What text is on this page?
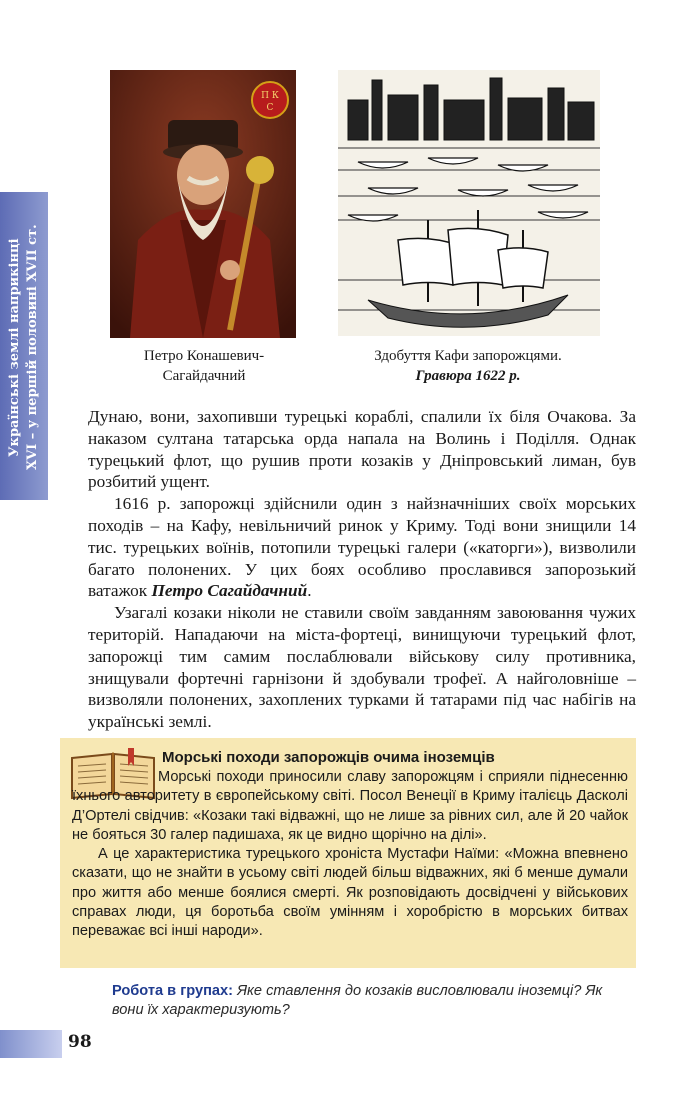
Українські землі наприкінці XVI – у першій половині XVII ст.
П К
С
Петро Конашевич-
Сагайдачний
Здобуття Кафи запорожцями.
Гравюра 1622 р.

Дунаю, вони, захопивши турецькі кораблі, спалили їх біля Очакова. За наказом султана татарська орда напала на Волинь і Поділля. Однак турецький флот, що рушив проти козаків у Дніпровський лиман, був розбитий ущент.

1616 р. запорожці здійснили один з найзначніших своїх морських походів – на Кафу, невільничий ринок у Криму. Тоді вони знищили 14 тис. турецьких воїнів, потопили турецькі галери («каторги»), визволили багато полонених. У цих боях особливо прославився запорозький ватажок Петро Сагайдачний.

Узагалі козаки ніколи не ставили своїм завданням завоювання чужих територій. Нападаючи на міста-фортеці, винищуючи турецький флот, запорожці тим самим послаблювали військову силу противника, знищували фортечні гарнізони й здобували трофеї. А найголовніше – визволяли полонених, захоплених турками й татарами під час набігів на українські землі.

Морські походи запорожців очима іноземців

Морські походи приносили славу запорожцям і сприяли піднесенню їхнього авторитету в європейському світі. Посол Венеції в Криму італієць Дасколі Д’Ортелі свідчив: «Козаки такі відважні, що не лише за рівних сил, але й 20 чайок не бояться 30 галер падишаха, як це видно щорічно на ділі».

А це характеристика турецького хроніста Мустафи Наїми: «Можна впевнено сказати, що не знайти в усьому світі людей більш відважних, які б менше думали про життя або менше боялися смерті. Як розповідають досвідчені у військових справах люди, ця боротьба своїм умінням і хоробрістю в морських битвах переважає всі інші народи».

Робота в групах: Яке ставлення до козаків висловлювали іноземці? Як вони їх характеризують?
98
